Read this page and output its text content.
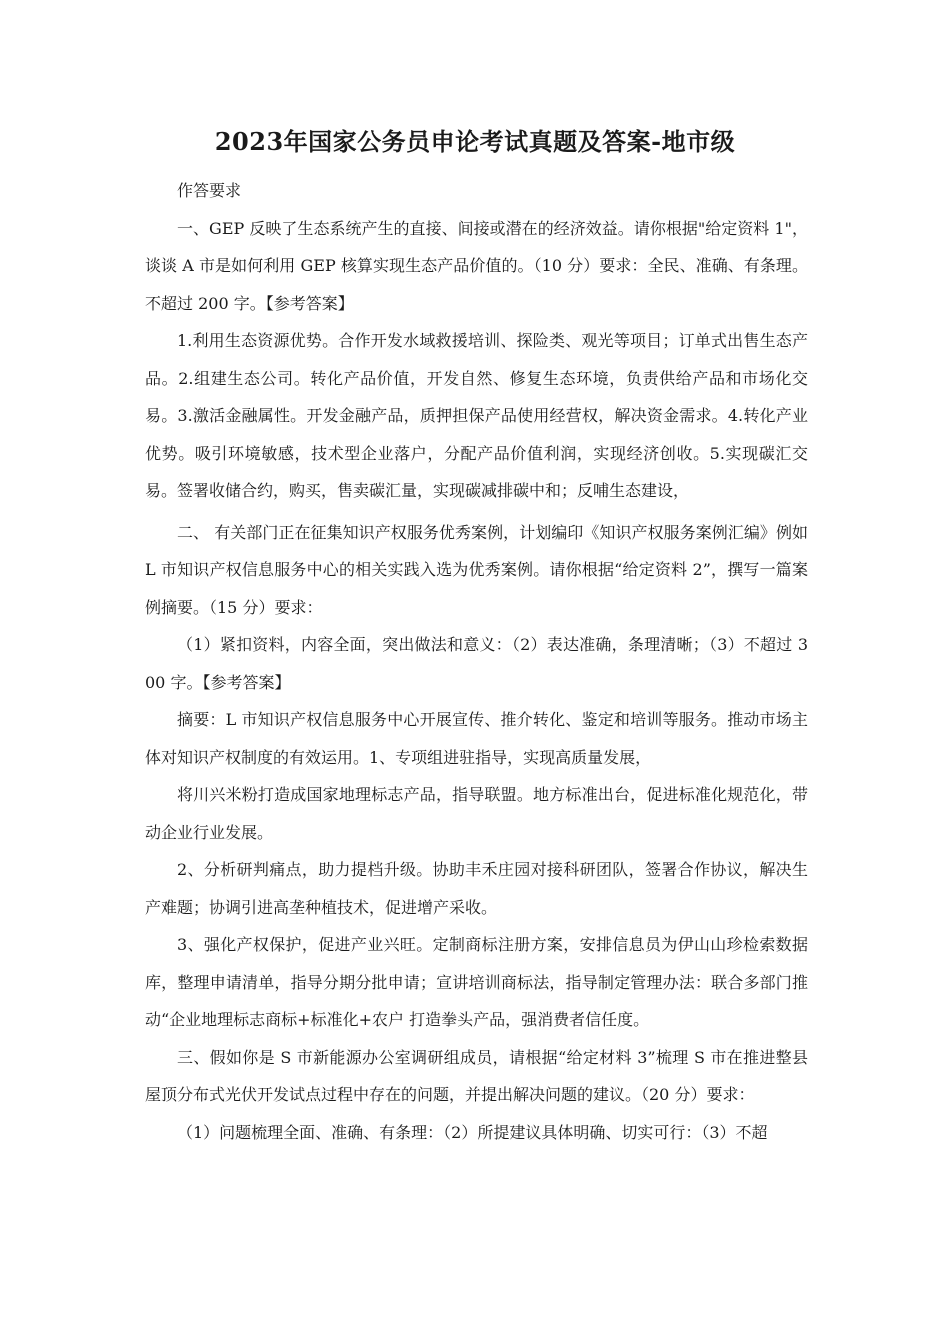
2023年国家公务员申论考试真题及答案-地市级

作答要求

一、GEP 反映了生态系统产生的直接、间接或潜在的经济效益。请你根据"给定资料 1"，谈谈 A 市是如何利用 GEP 核算实现生态产品价值的。（10 分）要求：全民、准确、有条理。不超过 200 字。【参考答案】

1.利用生态资源优势。合作开发水域救援培训、探险类、观光等项目；订单式出售生态产品。2.组建生态公司。转化产品价值，开发自然、修复生态环境，负责供给产品和市场化交易。3.激活金融属性。开发金融产品，质押担保产品使用经营权，解决资金需求。4.转化产业优势。吸引环境敏感，技术型企业落户，分配产品价值利润，实现经济创收。5.实现碳汇交易。签署收储合约，购买，售卖碳汇量，实现碳减排碳中和；反哺生态建设，

二、 有关部门正在征集知识产权服务优秀案例，计划编印《知识产权服务案例汇编》例如 L 市知识产权信息服务中心的相关实践入选为优秀案例。请你根据“给定资料 2”，撰写一篇案例摘要。（15 分）要求：

（1）紧扣资料，内容全面，突出做法和意义：（2）表达准确，条理清晰；（3）不超过 300 字。【参考答案】

摘要：L 市知识产权信息服务中心开展宣传、推介转化、鉴定和培训等服务。推动市场主体对知识产权制度的有效运用。1、专项组进驻指导，实现高质量发展，

将川兴米粉打造成国家地理标志产品，指导联盟。地方标准出台，促进标准化规范化，带动企业行业发展。

2、分析研判痛点，助力提档升级。协助丰禾庄园对接科研团队，签署合作协议，解决生产难题；协调引进高垄种植技术，促进增产采收。

3、强化产权保护，促进产业兴旺。定制商标注册方案，安排信息员为伊山山珍检索数据库，整理申请清单，指导分期分批申请；宣讲培训商标法，指导制定管理办法：联合多部门推动“企业地理标志商标+标准化+农户 打造拳头产品，强消费者信任度。

三、假如你是 S 市新能源办公室调研组成员，请根据“给定材料 3”梳理 S 市在推进整县屋顶分布式光伏开发试点过程中存在的问题，并提出解决问题的建议。（20 分）要求：

（1）问题梳理全面、准确、有条理：（2）所提建议具体明确、切实可行：（3）不超
